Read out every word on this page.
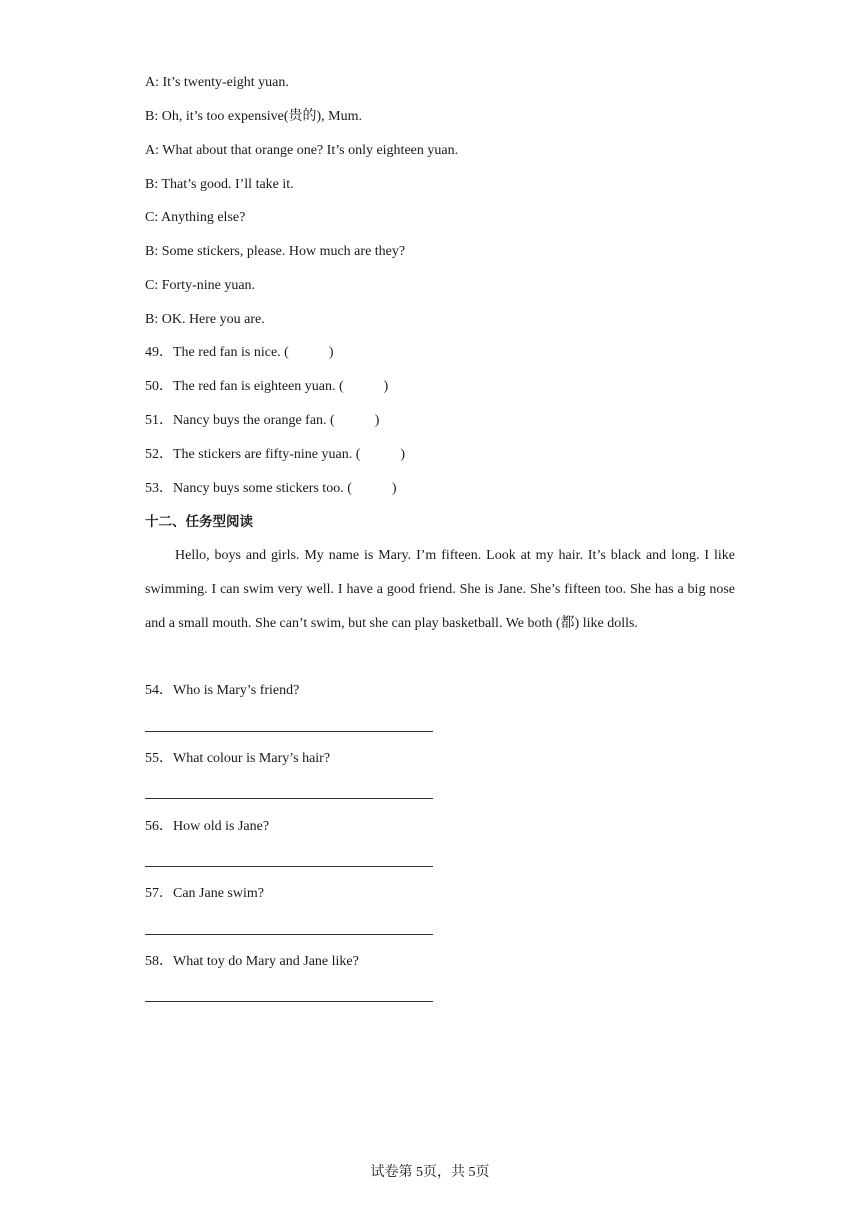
A: It’s twenty-eight yuan.
B: Oh, it’s too expensive(贵的), Mum.
A: What about that orange one? It’s only eighteen yuan.
B: That’s good. I’ll take it.
C: Anything else?
B: Some stickers, please. How much are they?
C: Forty-nine yuan.
B: OK. Here you are.
49．The red fan is nice. (	)
50．The red fan is eighteen yuan. (	)
51．Nancy buys the orange fan. (	)
52．The stickers are fifty-nine yuan. (	)
53．Nancy buys some stickers too. (	)
十二、任务型阅读
Hello, boys and girls. My name is Mary. I’m fifteen. Look at my hair. It’s black and long. I like swimming. I can swim very well. I have a good friend. She is Jane. She’s fifteen too. She has a big nose and a small mouth. She can’t swim, but she can play basketball. We both (都) like dolls.
54．Who is Mary’s friend?
55．What colour is Mary’s hair?
56．How old is Jane?
57．Can Jane swim?
58．What toy do Mary and Jane like?
试卷第 5页，共 5页
